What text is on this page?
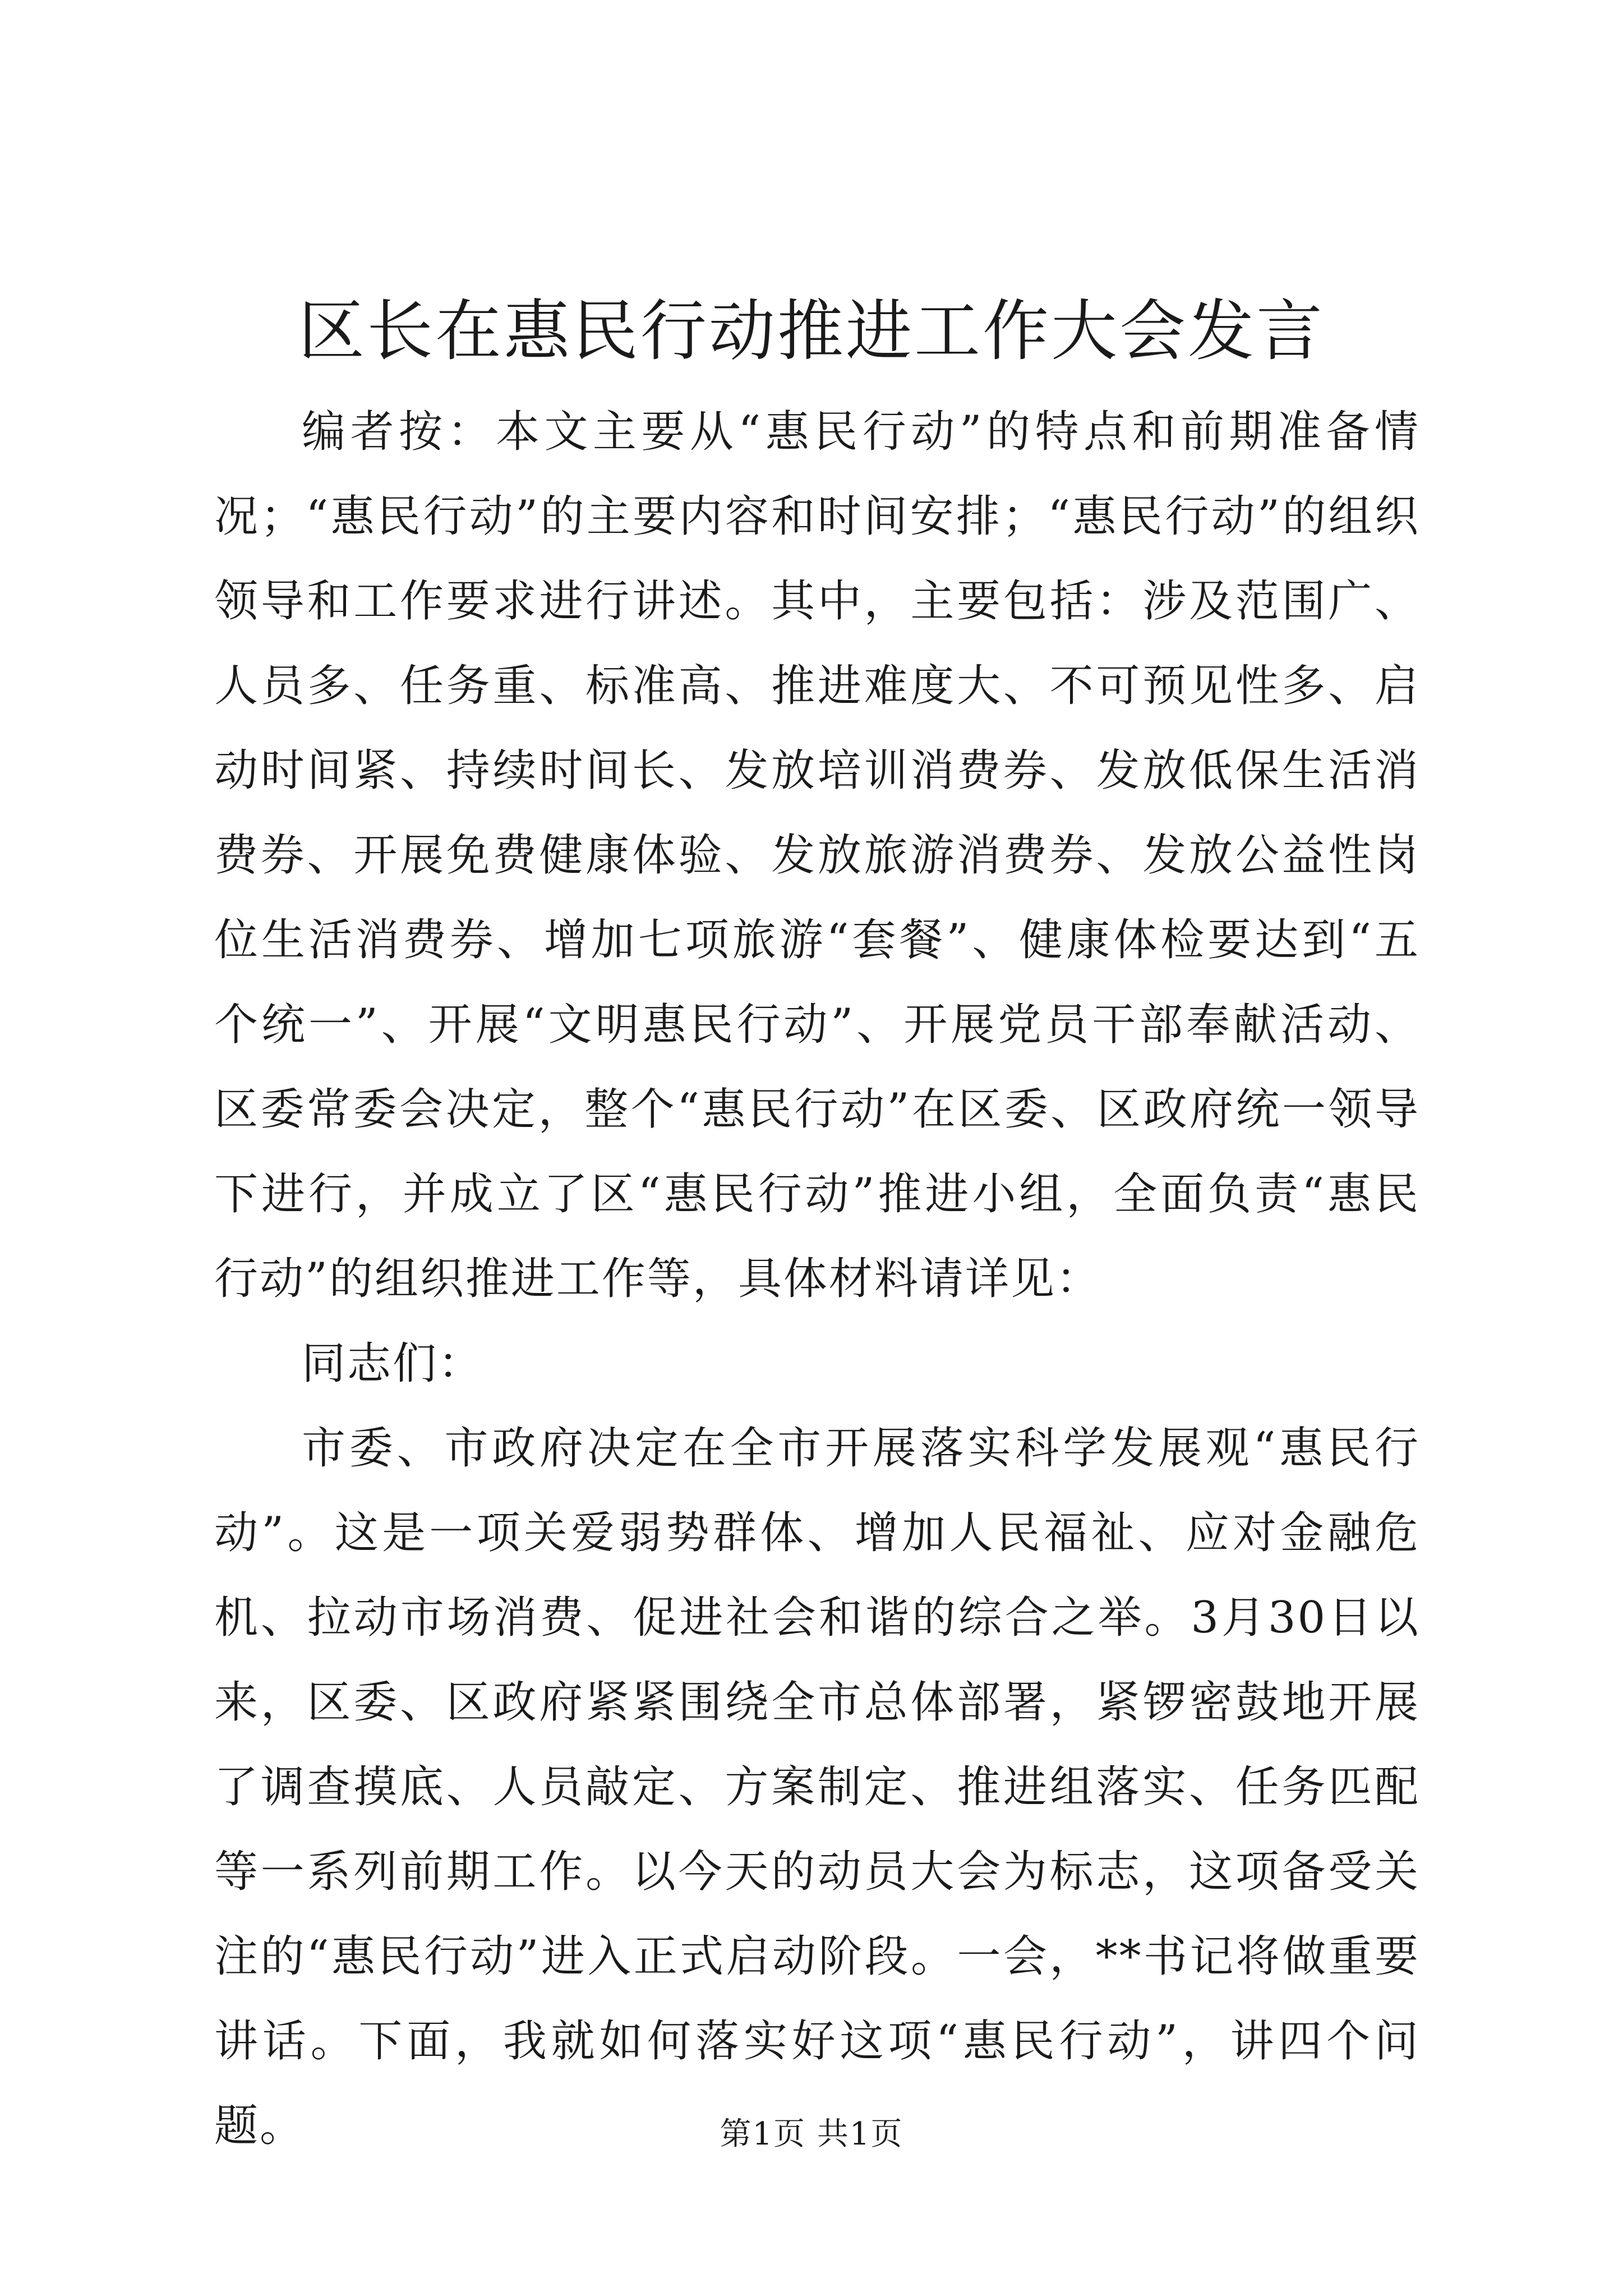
区长在惠民行动推进工作大会发言

编者按：本文主要从“惠民行动”的特点和前期准备情况；“惠民行动”的主要内容和时间安排；“惠民行动”的组织领导和工作要求进行讲述。其中，主要包括：涉及范围广、人员多、任务重、标准高、推进难度大、不可预见性多、启动时间紧、持续时间长、发放培训消费券、发放低保生活消费券、开展免费健康体验、发放旅游消费券、发放公益性岗位生活消费券、增加七项旅游“套餐”、健康体检要达到“五个统一”、开展“文明惠民行动”、开展党员干部奉献活动、区委常委会决定，整个“惠民行动”在区委、区政府统一领导下进行，并成立了区“惠民行动”推进小组，全面负责“惠民行动”的组织推进工作等，具体材料请详见：

同志们：

市委、市政府决定在全市开展落实科学发展观“惠民行动”。这是一项关爱弱势群体、增加人民福祉、应对金融危机、拉动市场消费、促进社会和谐的综合之举。3月30日以来，区委、区政府紧紧围绕全市总体部署，紧锣密鼓地开展了调查摸底、人员敲定、方案制定、推进组落实、任务匹配等一系列前期工作。以今天的动员大会为标志，这项备受关注的“惠民行动”进入正式启动阶段。一会，**书记将做重要讲话。下面，我就如何落实好这项“惠民行动”，讲四个问题。	第1页 共1页
